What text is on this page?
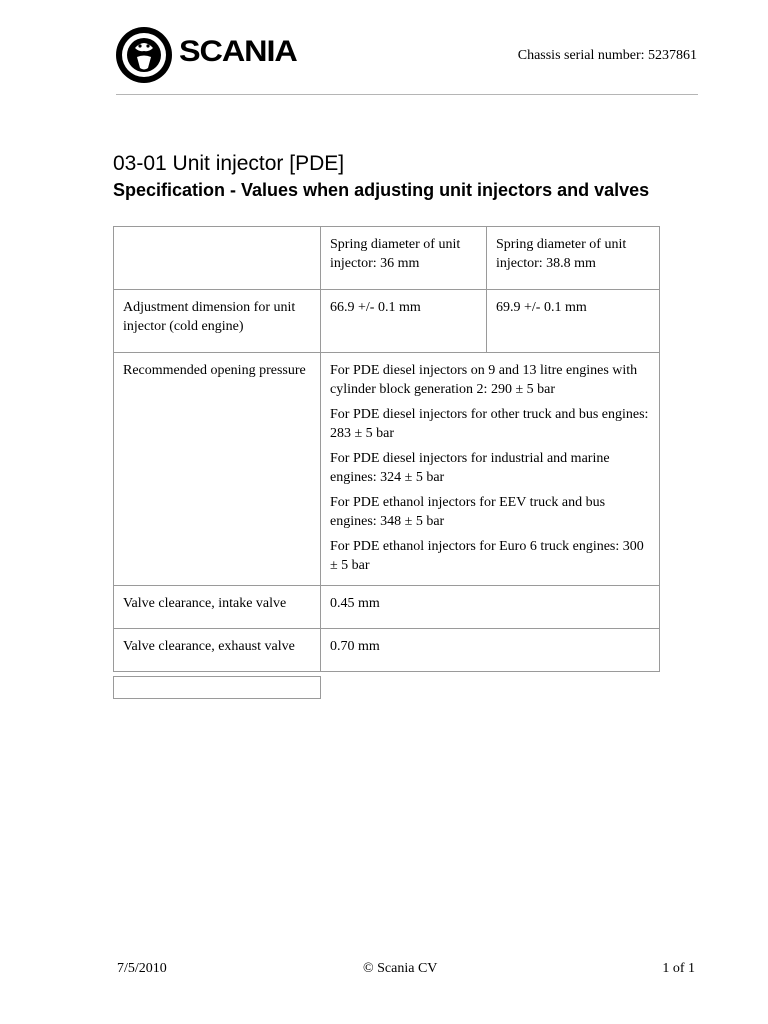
SCANIA	Chassis serial number: 5237861
03-01 Unit injector [PDE]
Specification - Values when adjusting unit injectors and valves
	Spring diameter of unit injector: 36 mm	Spring diameter of unit injector: 38.8 mm
Adjustment dimension for unit injector (cold engine)	66.9 +/- 0.1 mm	69.9 +/- 0.1 mm
Recommended opening pressure	For PDE diesel injectors on 9 and 13 litre engines with cylinder block generation 2: 290 ± 5 bar

For PDE diesel injectors for other truck and bus engines: 283 ± 5 bar

For PDE diesel injectors for industrial and marine engines: 324 ± 5 bar

For PDE ethanol injectors for EEV truck and bus engines: 348 ± 5 bar

For PDE ethanol injectors for Euro 6 truck engines: 300 ± 5 bar	

Valve clearance, intake valve	0.45 mm	
Valve clearance, exhaust valve	0.70 mm	
7/5/2010	© Scania CV	1 of 1
